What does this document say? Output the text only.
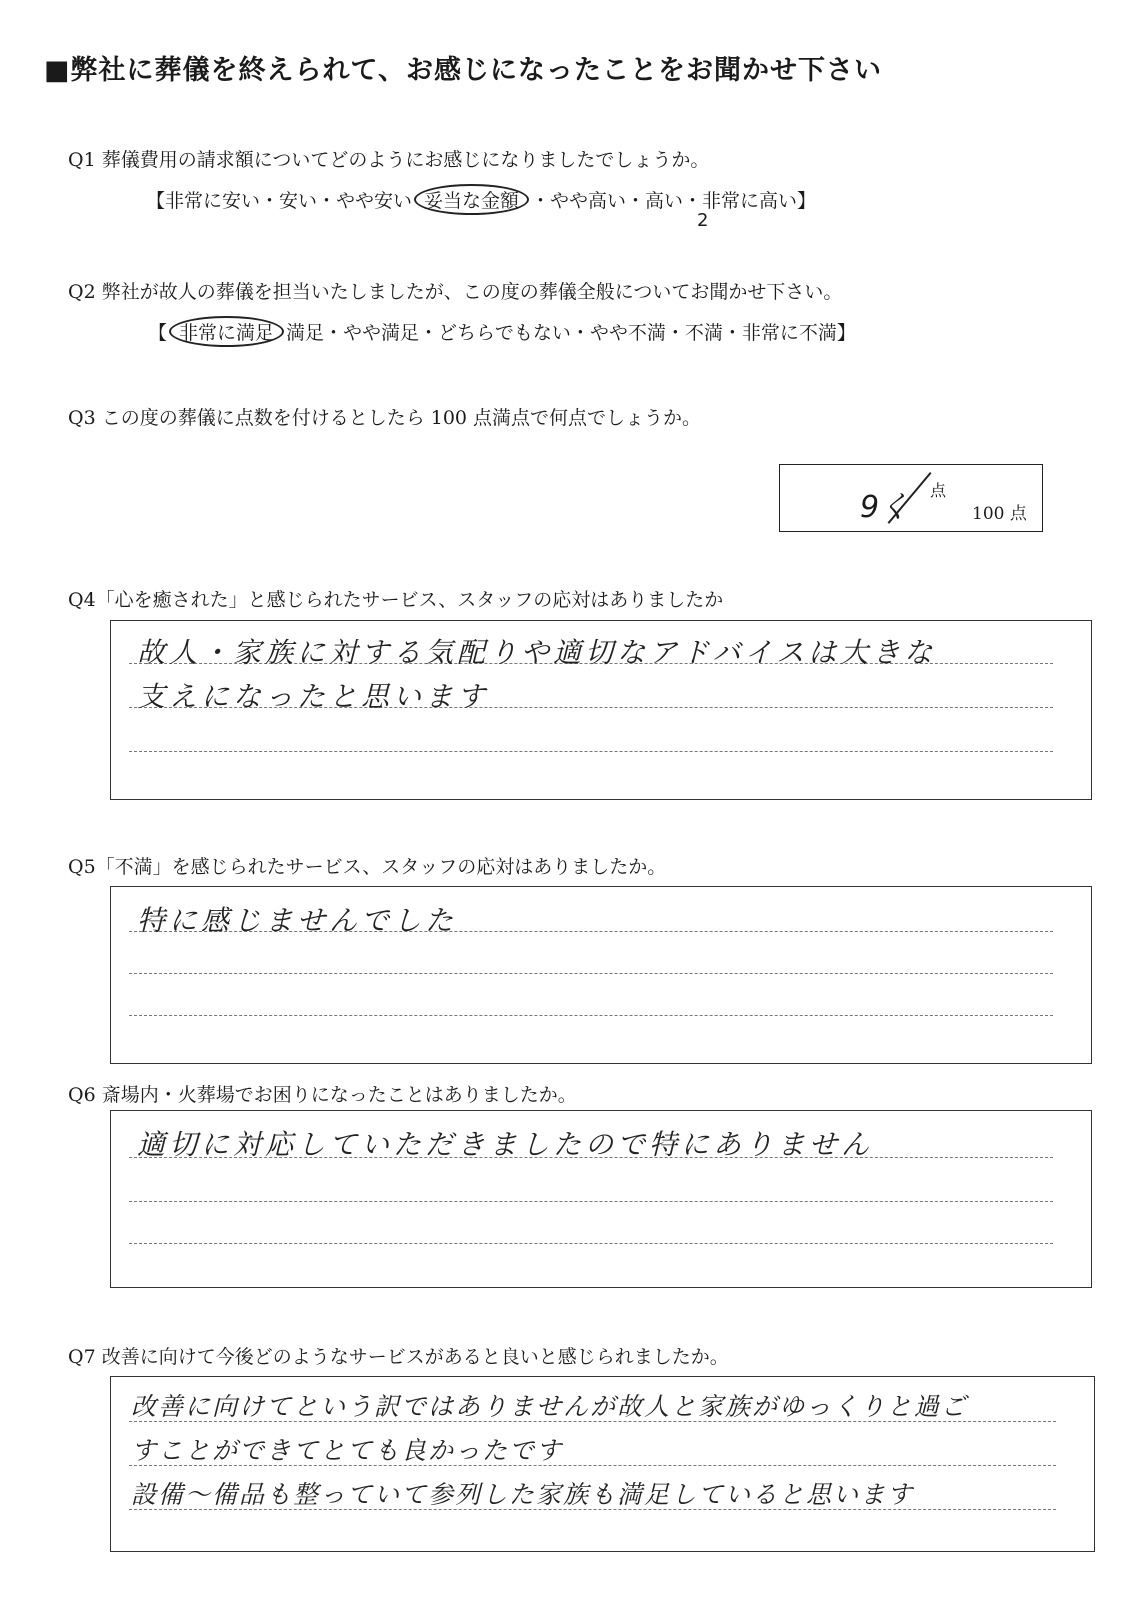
■弊社に葬儀を終えられて、お感じになったことをお聞かせ下さい
Q1 葬儀費用の請求額についてどのようにお感じになりましたでしょうか。
【非常に安い・安い・やや安い 妥当な金額 ・やや高い・高い・非常に高い】
2
Q2 弊社が故人の葬儀を担当いたしましたが、この度の葬儀全般についてお聞かせ下さい。
【 非常に満足 満足・やや満足・どちらでもない・やや不満・不満・非常に不満】
Q3 この度の葬儀に点数を付けるとしたら 100 点満点で何点でしょうか。
9く 点
100 点
Q4「心を癒された」と感じられたサービス、スタッフの応対はありましたか
故人・家族に対する気配りや適切なアドバイスは大きな
支えになったと思います
Q5「不満」を感じられたサービス、スタッフの応対はありましたか。
特に感じませんでした
Q6 斎場内・火葬場でお困りになったことはありましたか。
適切に対応していただきましたので特にありません
Q7 改善に向けて今後どのようなサービスがあると良いと感じられましたか。
改善に向けてという訳ではありませんが故人と家族がゆっくりと過ご
すことができてとても良かったです
設備～備品も整っていて参列した家族も満足していると思います
